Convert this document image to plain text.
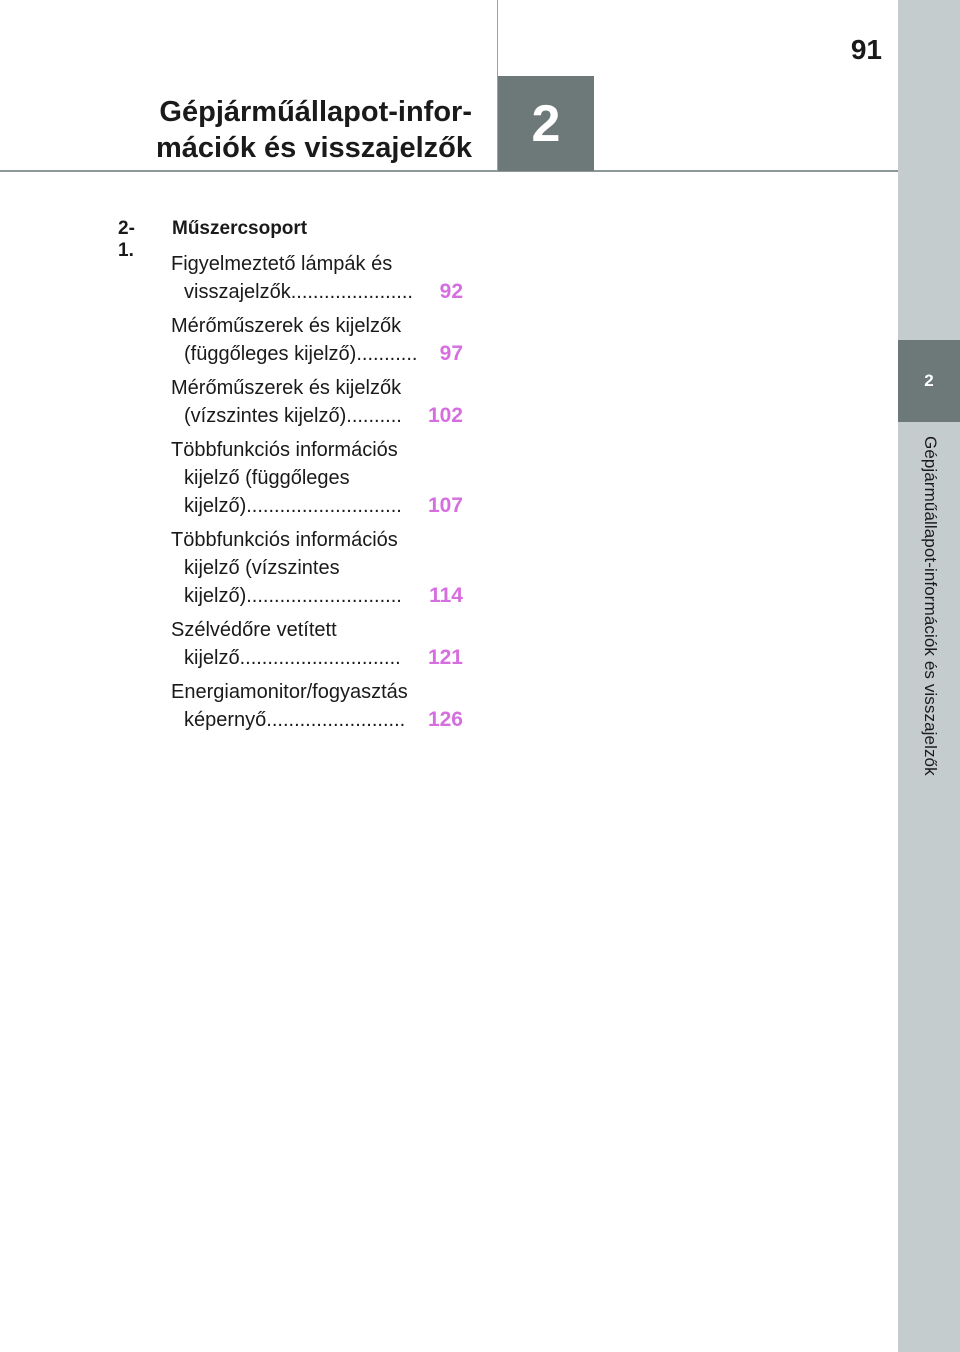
2
Gépjárműállapot-információk és visszajelzők
91
2
Gépjárműállapot-infor-
mációk és visszajelzők
2-1.
Műszercsoport
Figyelmeztető lámpák és
visszajelzők ......................	92
Mérőműszerek és kijelzők
(függőleges kijelző) ...........	97
Mérőműszerek és kijelzők
(vízszintes kijelző) ..........	102
Többfunkciós információs
kijelző (függőleges
kijelző) ............................	107
Többfunkciós információs
kijelző (vízszintes
kijelző) ............................	114
Szélvédőre vetített
kijelző .............................	121
Energiamonitor/fogyasztás
képernyő .........................	126
